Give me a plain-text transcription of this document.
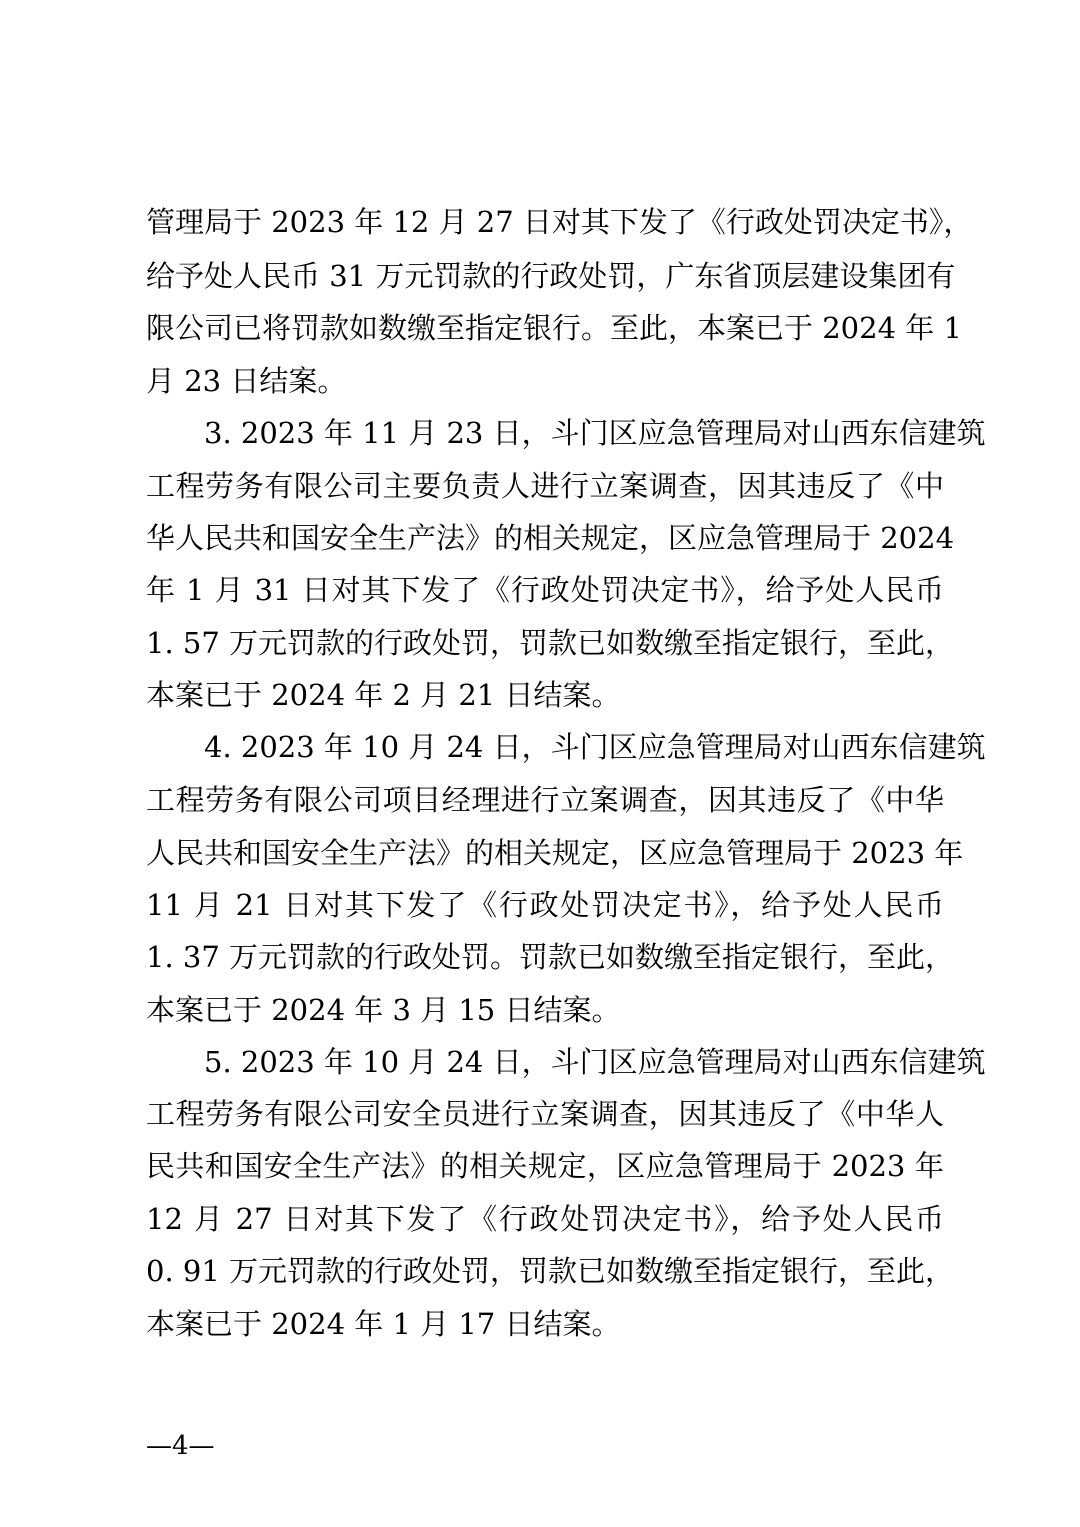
管理局于 2023 年 12 月 27 日对其下发了《行政处罚决定书》，
给予处人民币 31 万元罚款的行政处罚，广东省顶层建设集团有
限公司已将罚款如数缴至指定银行。至此，本案已于 2024 年 1
月 23 日结案。
3. 2023 年 11 月 23 日，斗门区应急管理局对山西东信建筑
工程劳务有限公司主要负责人进行立案调查，因其违反了《中
华人民共和国安全生产法》的相关规定，区应急管理局于 2024
年 1 月 31 日对其下发了《行政处罚决定书》，给予处人民币
1. 57 万元罚款的行政处罚，罚款已如数缴至指定银行，至此，
本案已于 2024 年 2 月 21 日结案。
4. 2023 年 10 月 24 日，斗门区应急管理局对山西东信建筑
工程劳务有限公司项目经理进行立案调查，因其违反了《中华
人民共和国安全生产法》的相关规定，区应急管理局于 2023 年
11 月 21 日对其下发了《行政处罚决定书》，给予处人民币
1. 37 万元罚款的行政处罚。罚款已如数缴至指定银行，至此，
本案已于 2024 年 3 月 15 日结案。
5. 2023 年 10 月 24 日，斗门区应急管理局对山西东信建筑
工程劳务有限公司安全员进行立案调查，因其违反了《中华人
民共和国安全生产法》的相关规定，区应急管理局于 2023 年
12 月 27 日对其下发了《行政处罚决定书》，给予处人民币
0. 91 万元罚款的行政处罚，罚款已如数缴至指定银行，至此，
本案已于 2024 年 1 月 17 日结案。
—4—
